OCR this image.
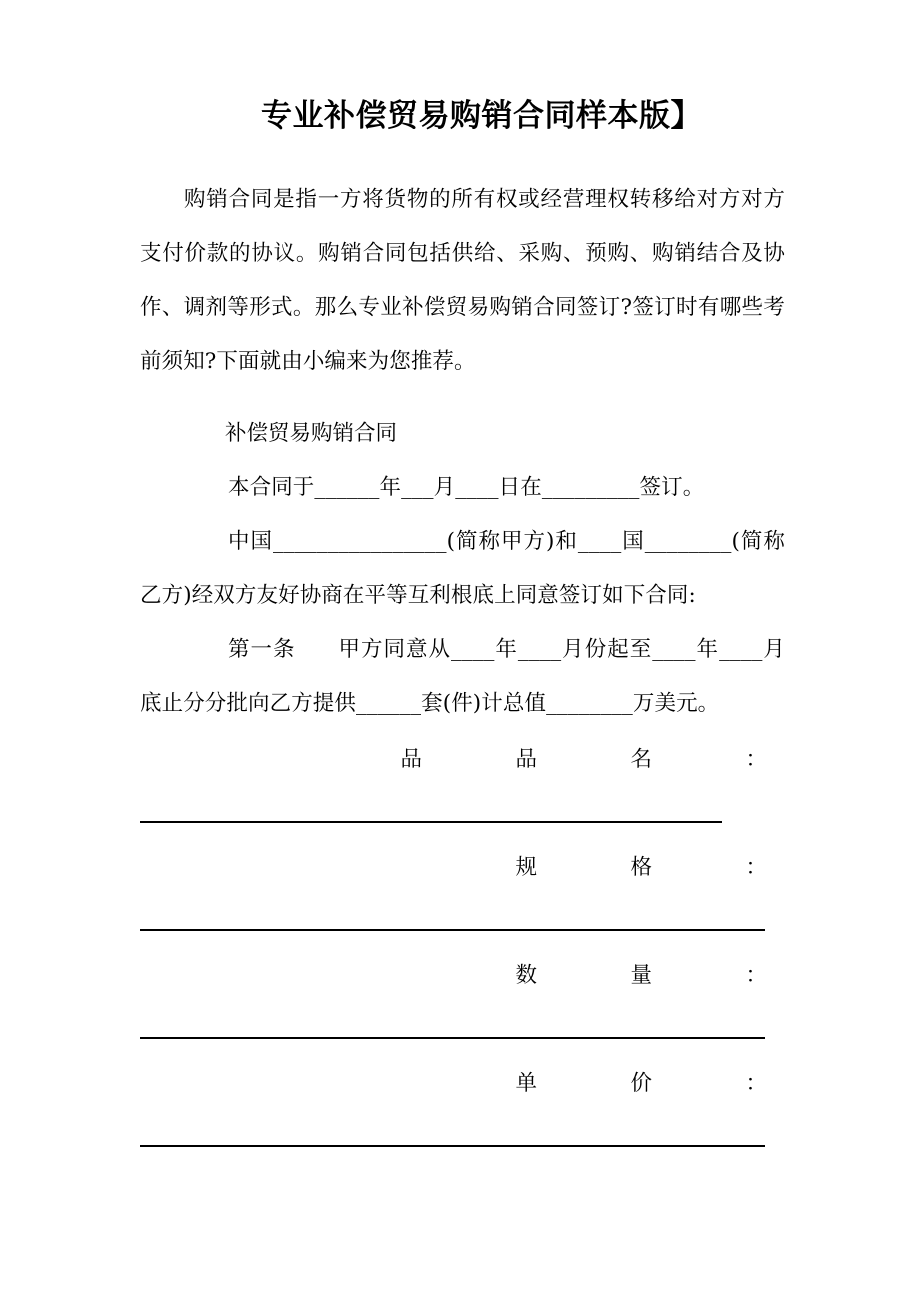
专业补偿贸易购销合同样本版】

购销合同是指一方将货物的所有权或经营理权转移给对方对方支付价款的协议。购销合同包括供给、采购、预购、购销结合及协作、调剂等形式。那么专业补偿贸易购销合同签订?签订时有哪些考前须知?下面就由小编来为您推荐。

补偿贸易购销合同

本合同于______年___月____日在_________签订。

中国________________(简称甲方)和____国________(简称乙方)经双方友好协商在平等互利根底上同意签订如下合同:

第一条 甲方同意从____年____月份起至____年____月底止分分批向乙方提供______套(件)计总值________万美元。

品	品	名	：
规	格	：
数	量	：
单	价	：
